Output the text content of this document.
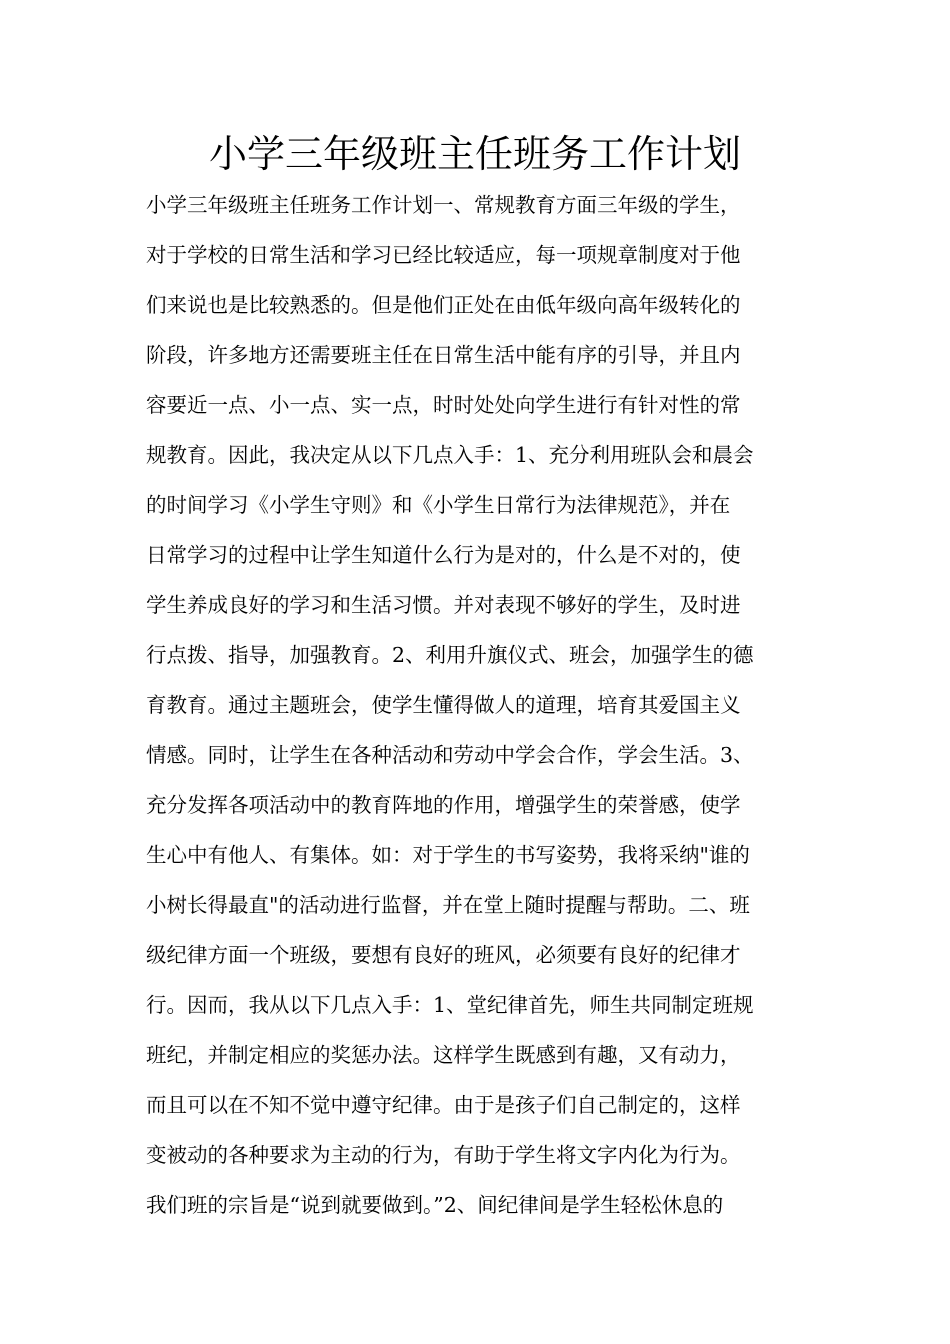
小学三年级班主任班务工作计划
小学三年级班主任班务工作计划一、常规教育方面三年级的学生，
对于学校的日常生活和学习已经比较适应，每一项规章制度对于他
们来说也是比较熟悉的。但是他们正处在由低年级向高年级转化的
阶段，许多地方还需要班主任在日常生活中能有序的引导，并且内
容要近一点、小一点、实一点，时时处处向学生进行有针对性的常
规教育。因此，我决定从以下几点入手：1、充分利用班队会和晨会
的时间学习《小学生守则》和《小学生日常行为法律规范》，并在
日常学习的过程中让学生知道什么行为是对的，什么是不对的，使
学生养成良好的学习和生活习惯。并对表现不够好的学生，及时进
行点拨、指导，加强教育。2、利用升旗仪式、班会，加强学生的德
育教育。通过主题班会，使学生懂得做人的道理，培育其爱国主义
情感。同时，让学生在各种活动和劳动中学会合作，学会生活。3、
充分发挥各项活动中的教育阵地的作用，增强学生的荣誉感，使学
生心中有他人、有集体。如：对于学生的书写姿势，我将采纳"谁的
小树长得最直"的活动进行监督，并在堂上随时提醒与帮助。二、班
级纪律方面一个班级，要想有良好的班风，必须要有良好的纪律才
行。因而，我从以下几点入手：1、堂纪律首先，师生共同制定班规
班纪，并制定相应的奖惩办法。这样学生既感到有趣，又有动力，
而且可以在不知不觉中遵守纪律。由于是孩子们自己制定的，这样
变被动的各种要求为主动的行为，有助于学生将文字内化为行为。
我们班的宗旨是“说到就要做到。”2、间纪律间是学生轻松休息的
